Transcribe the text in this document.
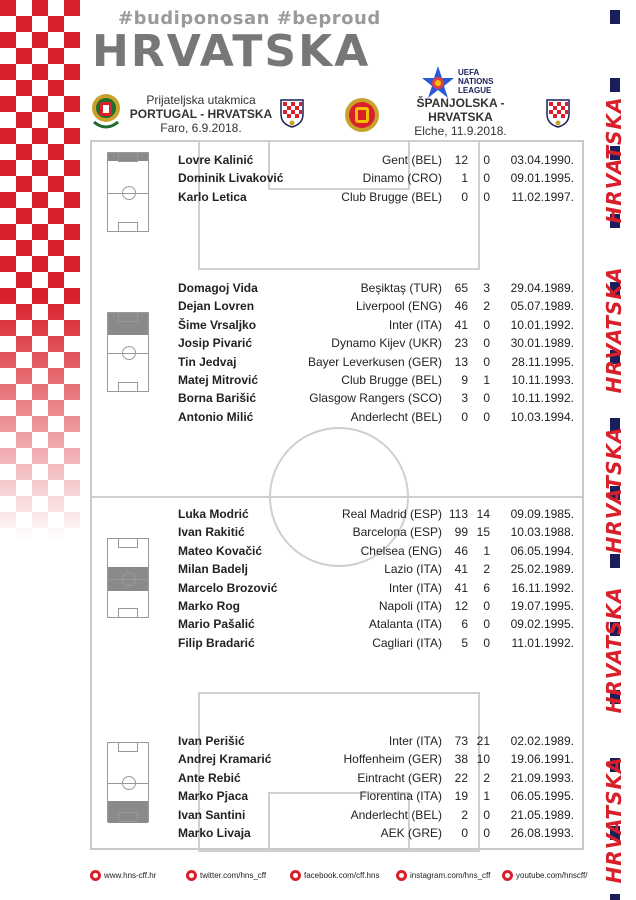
HRVATSKA
HRVATSKA
HRVATSKA
HRVATSKA
HRVATSKA
#budiponosan #beproud
HRVATSKA
Prijateljska utakmica
PORTUGAL - HRVATSKA
Faro, 6.9.2018.
UEFA
NATIONS
LEAGUE
ŠPANJOLSKA - HRVATSKA
Elche, 11.9.2018.
Lovre Kalinić	Gent (BEL)	12	0	03.04.1990.
Dominik Livaković	Dinamo (CRO)	1	0	09.01.1995.
Karlo Letica	Club Brugge (BEL)	0	0	11.02.1997.
Domagoj Vida	Beşiktaş (TUR)	65	3	29.04.1989.
Dejan Lovren	Liverpool (ENG)	46	2	05.07.1989.
Šime Vrsaljko	Inter (ITA)	41	0	10.01.1992.
Josip Pivarić	Dynamo Kijev (UKR)	23	0	30.01.1989.
Tin Jedvaj	Bayer Leverkusen (GER)	13	0	28.11.1995.
Matej Mitrović	Club Brugge (BEL)	9	1	10.11.1993.
Borna Barišić	Glasgow Rangers (SCO)	3	0	10.11.1992.
Antonio Milić	Anderlecht (BEL)	0	0	10.03.1994.
Luka Modrić	Real Madrid (ESP) 113 14	09.09.1985.
Ivan Rakitić	Barcelona (ESP)	99 15	10.03.1988.
Mateo Kovačić	Chelsea (ENG)	46	1	06.05.1994.
Milan Badelj	Lazio (ITA)	41	2	25.02.1989.
Marcelo Brozović	Inter (ITA)	41	6	16.11.1992.
Marko Rog	Napoli (ITA)	12	0	19.07.1995.
Mario Pašalić	Atalanta (ITA)	6	0	09.02.1995.
Filip Bradarić	Cagliari (ITA)	5	0	11.01.1992.
Ivan Perišić	Inter (ITA)	73 21	02.02.1989.
Andrej Kramarić	Hoffenheim (GER)	38 10	19.06.1991.
Ante Rebić	Eintracht (GER)	22	2	21.09.1993.
Marko Pjaca	Fiorentina (ITA)	19	1	06.05.1995.
Ivan Santini	Anderlecht (BEL)	2	0	21.05.1989.
Marko Livaja	AEK (GRE)	0	0	26.08.1993.
www.hns-cff.hr	twitter.com/hns_cff	facebook.com/cff.hns	instagram.com/hns_cff	youtube.com/hnscff/
